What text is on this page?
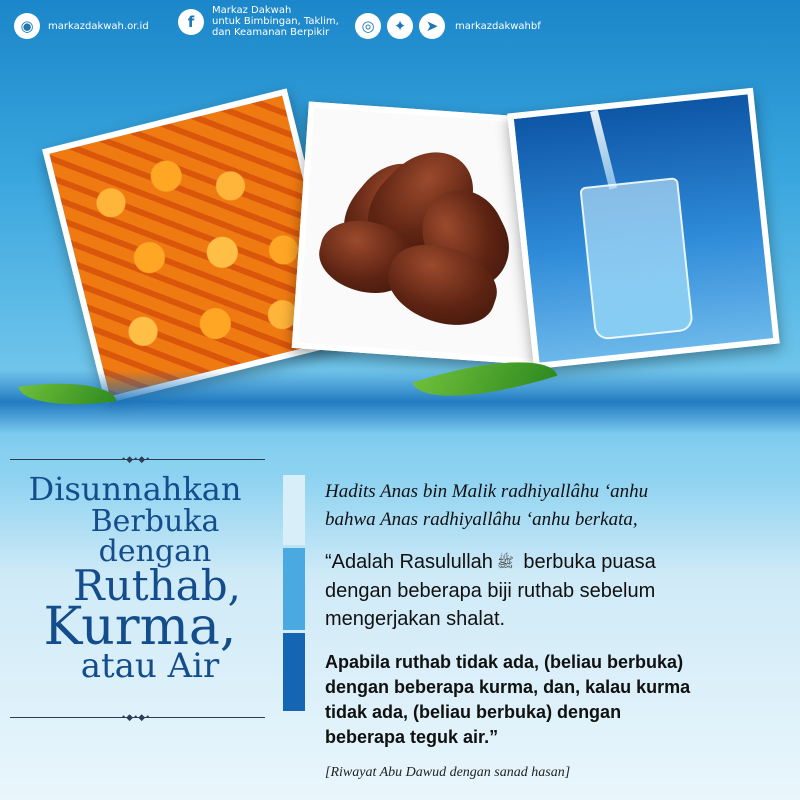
◉	markazdakwah.or.id	f
Markaz Dakwah
untuk Bimbingan, Taklim,
dan Keamanan Berpikir	◎	✦	➤	markazdakwahbf
•◆•◆•
Disunnahkan
Berbuka
dengan
Ruthab,
Kurma,
atau Air
•◆•◆•
Hadits Anas bin Malik radhiyallâhu ‘anhu
bahwa Anas radhiyallâhu ‘anhu berkata,
“Adalah Rasulullah ﷺ berbuka puasa
dengan beberapa biji ruthab sebelum
mengerjakan shalat.
Apabila ruthab tidak ada, (beliau berbuka)
dengan beberapa kurma, dan, kalau kurma
tidak ada, (beliau berbuka) dengan
beberapa teguk air.”
[Riwayat Abu Dawud dengan sanad hasan]
